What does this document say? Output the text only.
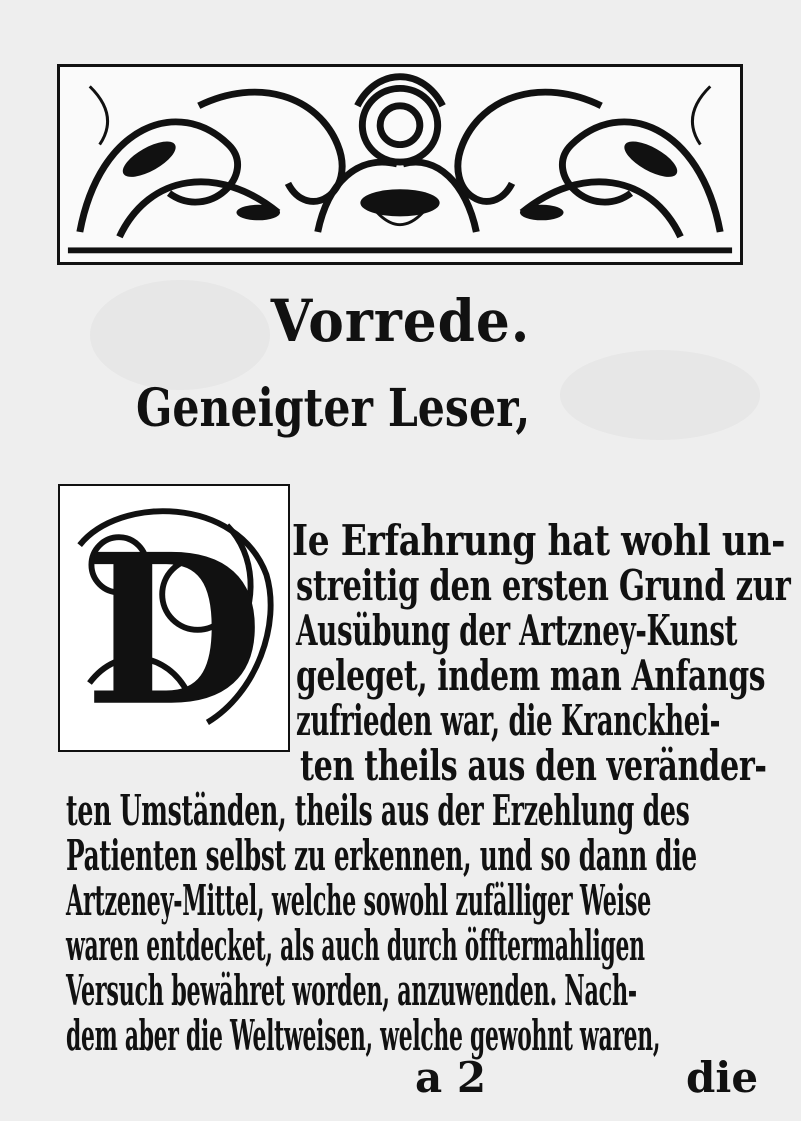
Vorrede.
Geneigter Leser,
D Ie Erfahrung hat wohl un-
streitig den ersten Grund zur
Ausübung der Artzney-Kunst
geleget, indem man Anfangs
zufrieden war, die Kranckhei-
ten theils aus den veränder-
ten Umständen, theils aus der Erzehlung des
Patienten selbst zu erkennen, und so dann die
Artzeney-Mittel, welche sowohl zufälliger Weise
waren entdecket, als auch durch öfftermahligen
Versuch bewähret worden, anzuwenden. Nach-
dem aber die Weltweisen, welche gewohnt waren,
a 2	die
